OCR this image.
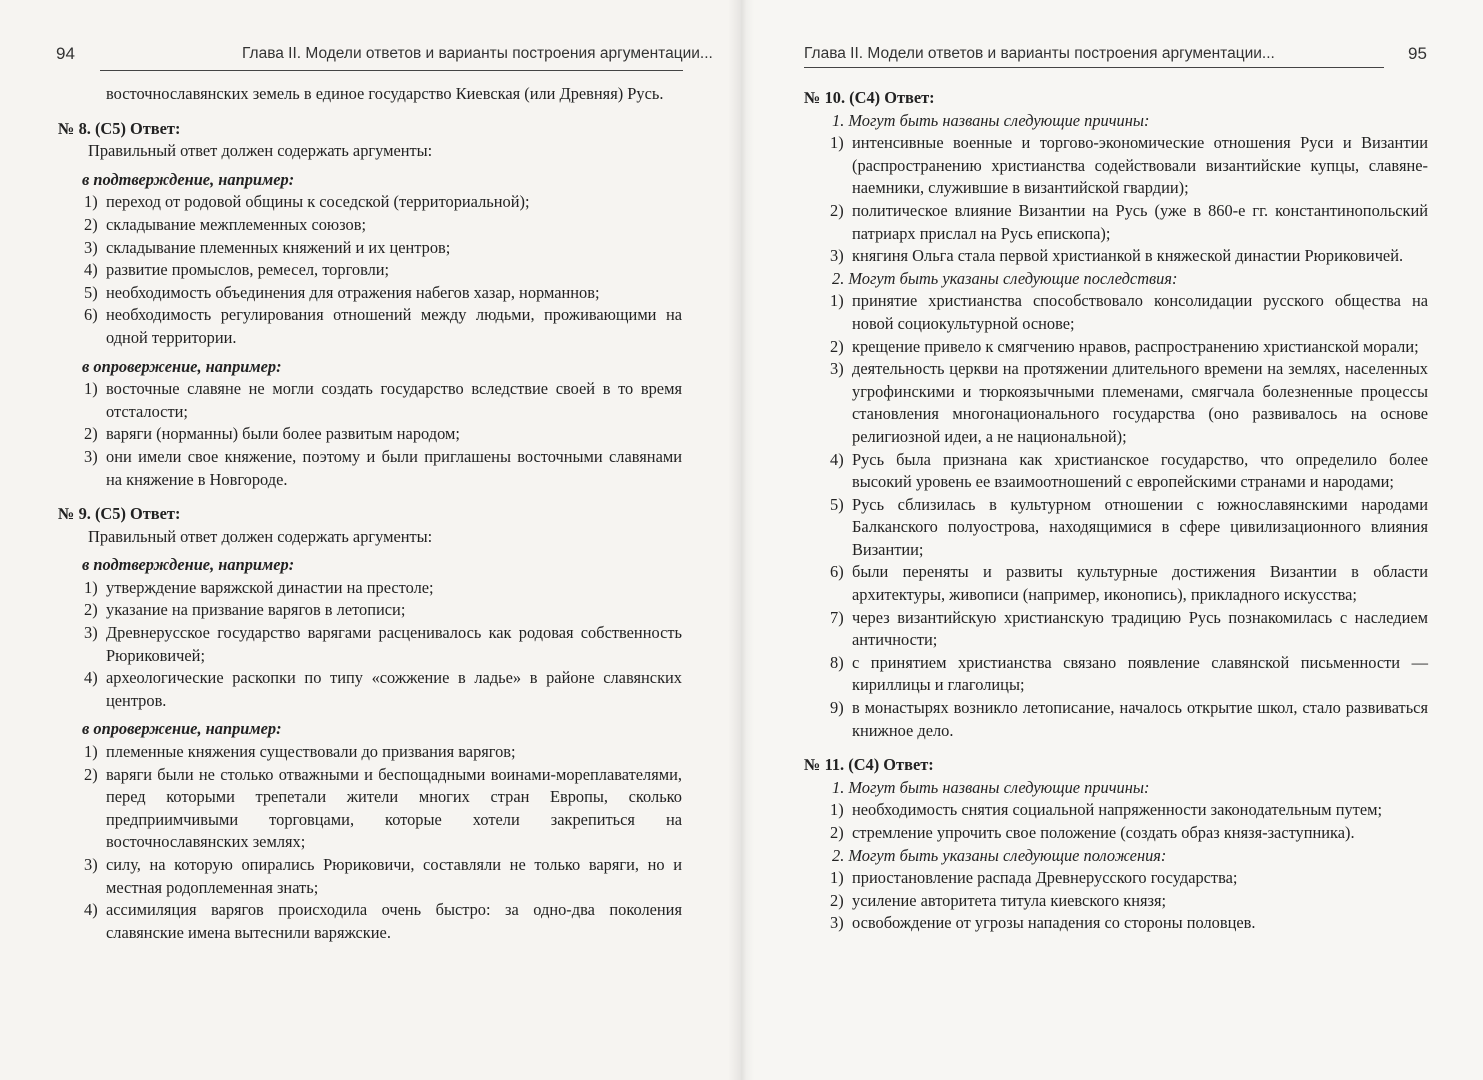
94	Глава II. Модели ответов и варианты построения аргументации...
восточнославянских земель в единое государство Киевская (или Древняя) Русь.
№ 8. (С5) Ответ:
Правильный ответ должен содержать аргументы:
в подтверждение, например:
1) переход от родовой общины к соседской (территориальной);
2) складывание межплеменных союзов;
3) складывание племенных княжений и их центров;
4) развитие промыслов, ремесел, торговли;
5) необходимость объединения для отражения набегов хазар, норманнов;
6) необходимость регулирования отношений между людьми, проживающими на одной территории.
в опровержение, например:
1) восточные славяне не могли создать государство вследствие своей в то время отсталости;
2) варяги (норманны) были более развитым народом;
3) они имели свое княжение, поэтому и были приглашены восточными славянами на княжение в Новгороде.
№ 9. (С5) Ответ:
Правильный ответ должен содержать аргументы:
в подтверждение, например:
1) утверждение варяжской династии на престоле;
2) указание на призвание варягов в летописи;
3) Древнерусское государство варягами расценивалось как родовая собственность Рюриковичей;
4) археологические раскопки по типу «сожжение в ладье» в районе славянских центров.
в опровержение, например:
1) племенные княжения существовали до призвания варягов;
2) варяги были не столько отважными и беспощадными воинами-мореплавателями, перед которыми трепетали жители многих стран Европы, сколько предприимчивыми торговцами, которые хотели закрепиться на восточнославянских землях;
3) силу, на которую опирались Рюриковичи, составляли не только варяги, но и местная родоплеменная знать;
4) ассимиляция варягов происходила очень быстро: за одно-два поколения славянские имена вытеснили варяжские.
Глава II. Модели ответов и варианты построения аргументации...	95
№ 10. (С4) Ответ:
1. Могут быть названы следующие причины:
1) интенсивные военные и торгово-экономические отношения Руси и Византии (распространению христианства содействовали византийские купцы, славяне-наемники, служившие в византийской гвардии);
2) политическое влияние Византии на Русь (уже в 860-е гг. константинопольский патриарх прислал на Русь епископа);
3) княгиня Ольга стала первой христианкой в княжеской династии Рюриковичей.
2. Могут быть указаны следующие последствия:
1) принятие христианства способствовало консолидации русского общества на новой социокультурной основе;
2) крещение привело к смягчению нравов, распространению христианской морали;
3) деятельность церкви на протяжении длительного времени на землях, населенных угрофинскими и тюркоязычными племенами, смягчала болезненные процессы становления многонационального государства (оно развивалось на основе религиозной идеи, а не национальной);
4) Русь была признана как христианское государство, что определило более высокий уровень ее взаимоотношений с европейскими странами и народами;
5) Русь сблизилась в культурном отношении с южнославянскими народами Балканского полуострова, находящимися в сфере цивилизационного влияния Византии;
6) были переняты и развиты культурные достижения Византии в области архитектуры, живописи (например, иконопись), прикладного искусства;
7) через византийскую христианскую традицию Русь познакомилась с наследием античности;
8) с принятием христианства связано появление славянской письменности — кириллицы и глаголицы;
9) в монастырях возникло летописание, началось открытие школ, стало развиваться книжное дело.
№ 11. (С4) Ответ:
1. Могут быть названы следующие причины:
1) необходимость снятия социальной напряженности законодательным путем;
2) стремление упрочить свое положение (создать образ князя-заступника).
2. Могут быть указаны следующие положения:
1) приостановление распада Древнерусского государства;
2) усиление авторитета титула киевского князя;
3) освобождение от угрозы нападения со стороны половцев.
